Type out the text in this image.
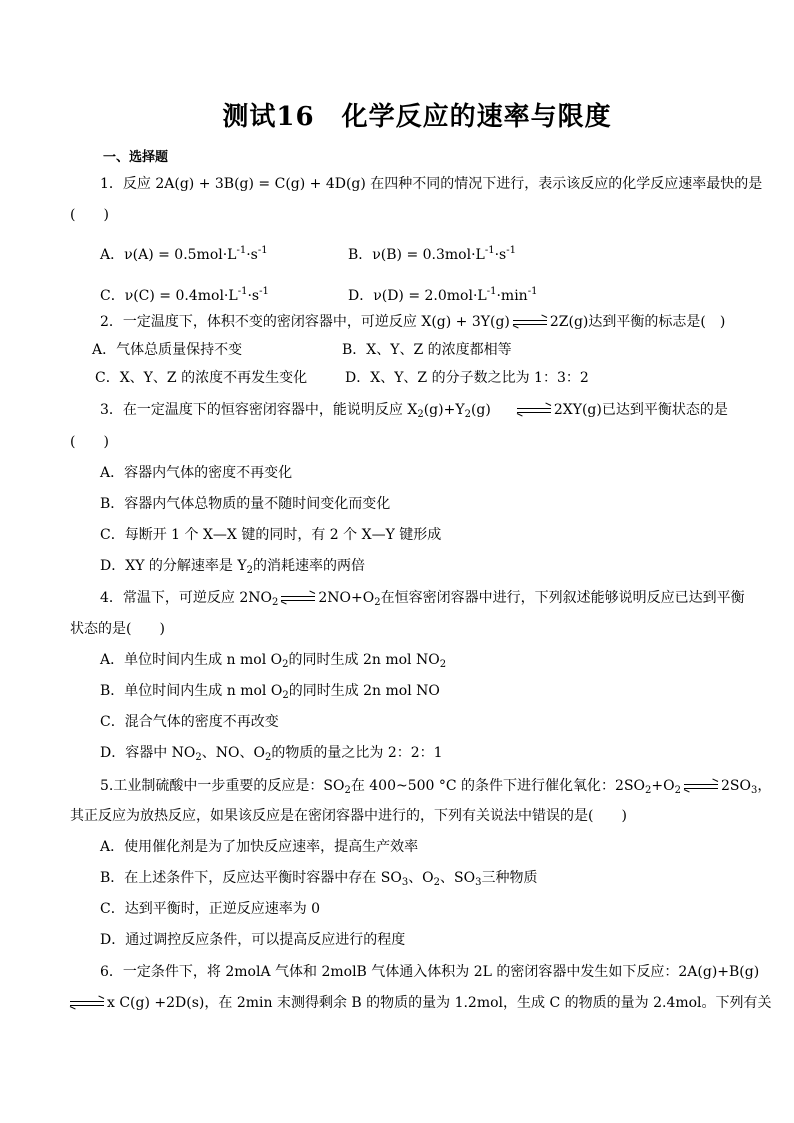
测试16　化学反应的速率与限度
一、选择题
1．反应 2A(g) + 3B(g) = C(g) + 4D(g) 在四种不同的情况下进行，表示该反应的化学反应速率最快的是
(　　)
A．$\nu(A) = 0.5mol\cdot L^{-1}\cdot s^{-1}$	B．$\nu(B) = 0.3mol\cdot L^{-1}\cdot s^{-1}$
C．$\nu(C) = 0.4mol\cdot L^{-1}\cdot s^{-1}$	D．$\nu(D) = 2.0mol\cdot L^{-1}\cdot\min^{-1}$
2．一定温度下，体积不变的密闭容器中，可逆反应 X(g) + 3Y(g)	2Z(g)达到平衡的标志是(　)
A．气体总质量保持不变	B．X、Y、Z 的浓度都相等
C．X、Y、Z 的浓度不再发生变化	D．X、Y、Z 的分子数之比为 1：3：2
3．在一定温度下的恒容密闭容器中，能说明反应 $X_2(g)+Y_2(g)$	2XY(g)已达到平衡状态的是
(　　)
A．容器内气体的密度不再变化
B．容器内气体总物质的量不随时间变化而变化
C．每断开 1 个 X—X 键的同时，有 2 个 X—Y 键形成
D．XY 的分解速率是 $Y_2$的消耗速率的两倍
4．常温下，可逆反应 $2NO_2$	$2NO+O_2$在恒容密闭容器中进行，下列叙述能够说明反应已达到平衡
状态的是(　　)
A．单位时间内生成 n mol $O_2$的同时生成 2n mol $NO_2$
B．单位时间内生成 n mol $O_2$的同时生成 2n mol NO
C．混合气体的密度不再改变
D．容器中 $NO_2$、NO、$O_2$的物质的量之比为 2：2：1
5.工业制硫酸中一步重要的反应是：$SO_2$在 400~500 °C 的条件下进行催化氧化：$2SO_2+O_2$	$2SO_3$，
其正反应为放热反应，如果该反应是在密闭容器中进行的，下列有关说法中错误的是(　　)
A．使用催化剂是为了加快反应速率，提高生产效率
B．在上述条件下，反应达平衡时容器中存在 $SO_3$、$O_2$、$SO_3$三种物质
C．达到平衡时，正逆反应速率为 0
D．通过调控反应条件，可以提高反应进行的程度
6．一定条件下，将 2molA 气体和 2molB 气体通入体积为 2L 的密闭容器中发生如下反应：2A(g)+B(g)
x C(g) +2D(s)，在 2min 末测得剩余 B 的物质的量为 1.2mol，生成 C 的物质的量为 2.4mol。下列有关
